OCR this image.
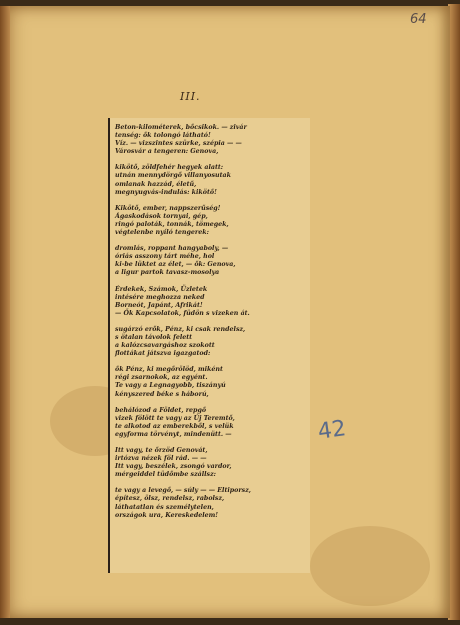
64
III.
Beton-kilométerek, bőcsikok. — zivár
tenség: ők tolongó látható!
Víz. — vizszintes szürke, szépia — —
Városvár a tengeren: Genova,
kikötő, zöldfehér hegyek alatt:
utnán mennydörgő villanyosutak
omlanak hazzád, életű,
megnyugvás-indulás: kikötő!
Kikötő, ember, nappszerűség!
Ágaskodások tornyai, gép,
ringó paloták, tonnák, tömegek,
végtelenbe nyíló tengerek:
dromlás, roppant hangyaboly, —
óriás asszony tárt méhe, hol
ki-be lüktet az élet, — ők: Genova,
a ligur partok tavasz-mosolya
Érdekek, Számok, Üzletek
intésére meghozza neked
Borneót, Japánt, Afrikát!
— Ők Kapcsolatok, füdön s vizeken át.
sugárzó erők, Pénz, ki csak rendelsz,
s ötalan távolok felett
a kalózcsavargáshoz szokott
flottákat játszva igazgatod:
ők Pénz, ki megőrölöd, miként
régi zsarnokok, az egyént.
Te vagy a Legnagyobb, tiszányú
kényszered béke s háború,
behálózod a Földet, repgő
vizek fölött te vagy az Új Teremtő,
te alkotod az emberekből, s velük
egyforma törvényt, mindenütt. —
Itt vagy, te őrzöd Genovát,
irtózva nézek föl rád. — —
Itt vagy, beszélek, zsongó vardor,
mérgeiddel tüdőmbe szállsz:
te vagy a levegő, — súly — — Eltiporsz,
építesz, ölsz, rendelsz, rabolsz,
láthatatlan és személytelen,
országok ura, Kereskedelem!
42
